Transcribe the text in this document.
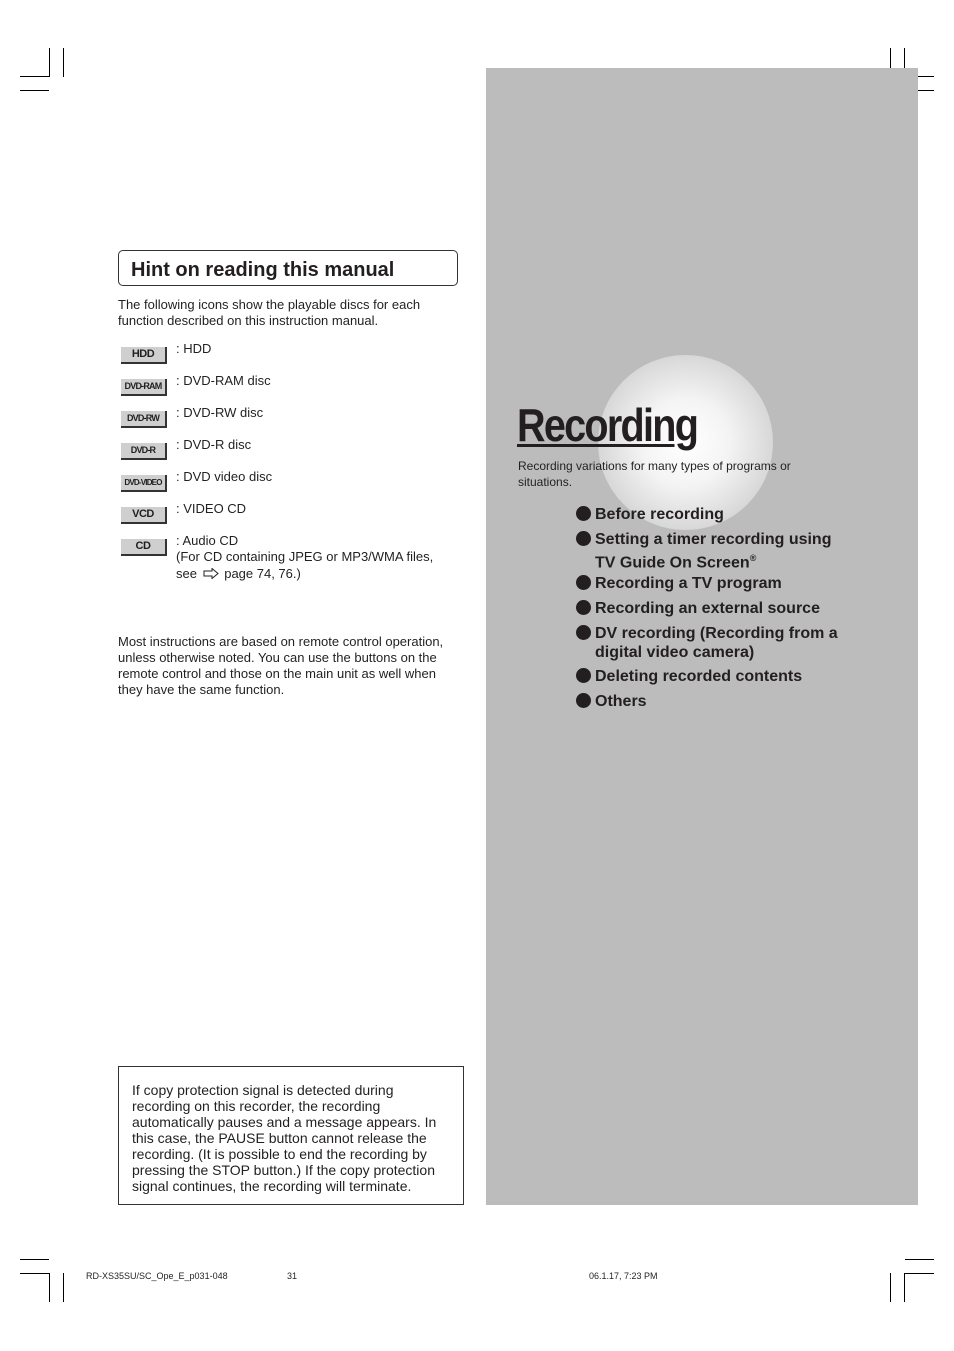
Hint on reading this manual
The following icons show the playable discs for each function described on this instruction manual.
HDD	: HDD
DVD-RAM	: DVD-RAM disc
DVD-RW	: DVD-RW disc
DVD-R	: DVD-R disc
DVD-VIDEO	: DVD video disc
VCD	: VIDEO CD
CD	: Audio CD
(For CD containing JPEG or MP3/WMA files,
see page 74, 76.)
Most instructions are based on remote control operation, unless otherwise noted. You can use the buttons on the remote control and those on the main unit as well when they have the same function.
If copy protection signal is detected during recording on this recorder, the recording automatically pauses and a message appears. In this case, the PAUSE button cannot release the recording. (It is possible to end the recording by pressing the STOP button.) If the copy protection signal continues, the recording will terminate.
Recording
Recording variations for many types of programs or situations.
Before recording
Setting a timer recording using
TV Guide On Screen®
Recording a TV program
Recording an external source
DV recording (Recording from a
digital video camera)
Deleting recorded contents
Others
RD-XS35SU/SC_Ope_E_p031-048	31	06.1.17, 7:23 PM
